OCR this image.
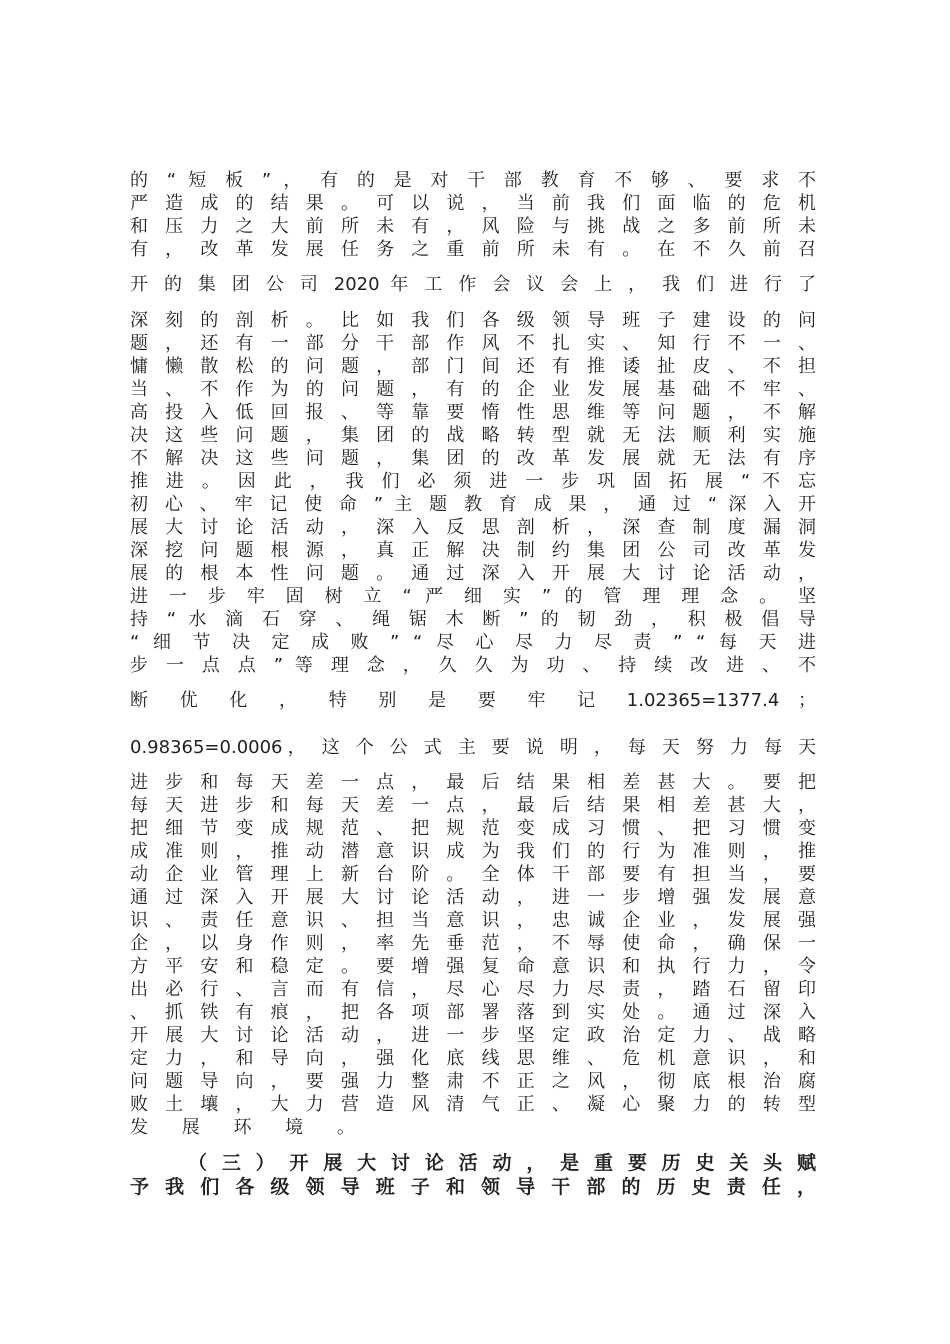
的 “ 短 板 ” ， 有 的 是 对 干 部 教 育 不 够 、 要 求 不
严 造 成 的 结 果 。 可 以 说 ， 当 前 我 们 面 临 的 危 机
和 压 力 之 大 前 所 未 有 ， 风 险 与 挑 战 之 多 前 所 未
有 ， 改 革 发 展 任 务 之 重 前 所 未 有 。 在 不 久 前 召
开 的 集 团 公 司 2020 年 工 作 会 议 会 上 ， 我 们 进 行 了
深 刻 的 剖 析 。 比 如 我 们 各 级 领 导 班 子 建 设 的 问
题 ， 还 有 一 部 分 干 部 作 风 不 扎 实 、 知 行 不 一 、
慵 懒 散 松 的 问 题 ， 部 门 间 还 有 推 诿 扯 皮 、 不 担
当 、 不 作 为 的 问 题 ， 有 的 企 业 发 展 基 础 不 牢 、
高 投 入 低 回 报 、 等 靠 要 惰 性 思 维 等 问 题 ， 不 解
决 这 些 问 题 ， 集 团 的 战 略 转 型 就 无 法 顺 利 实 施
不 解 决 这 些 问 题 ， 集 团 的 改 革 发 展 就 无 法 有 序
推 进 。 因 此 ， 我 们 必 须 进 一 步 巩 固 拓 展 “ 不 忘
初 心 、 牢 记 使 命 ” 主 题 教 育 成 果 ， 通 过 “ 深 入 开
展 大 讨 论 活 动 ， 深 入 反 思 剖 析 ， 深 查 制 度 漏 洞
深 挖 问 题 根 源 ， 真 正 解 决 制 约 集 团 公 司 改 革 发
展 的 根 本 性 问 题 。 通 过 深 入 开 展 大 讨 论 活 动 ，
进 一 步 牢 固 树 立 “ 严 细 实 ” 的 管 理 理 念 。 坚
持 “ 水 滴 石 穿 、 绳 锯 木 断 ” 的 韧 劲 ， 积 极 倡 导
“ 细 节 决 定 成 败 ” “ 尽 心 尽 力 尽 责 ” “ 每 天 进
步 一 点 点 ” 等 理 念 ， 久 久 为 功 、 持 续 改 进 、 不
断 优 化 ， 特 别 是 要 牢 记 1.02365=1377.4 ；
0.98365=0.0006， 这 个 公 式 主 要 说 明 ， 每 天 努 力 每 天
进 步 和 每 天 差 一 点 ， 最 后 结 果 相 差 甚 大 。 要 把
每 天 进 步 和 每 天 差 一 点 ， 最 后 结 果 相 差 甚 大 ，
把 细 节 变 成 规 范 、 把 规 范 变 成 习 惯 、 把 习 惯 变
成 准 则 ， 推 动 潜 意 识 成 为 我 们 的 行 为 准 则 ， 推
动 企 业 管 理 上 新 台 阶 。 全 体 干 部 要 有 担 当 ， 要
通 过 深 入 开 展 大 讨 论 活 动 ， 进 一 步 增 强 发 展 意
识 、 责 任 意 识 、 担 当 意 识 ， 忠 诚 企 业 ， 发 展 强
企 ， 以 身 作 则 ， 率 先 垂 范 ， 不 辱 使 命 ， 确 保 一
方 平 安 和 稳 定 。 要 增 强 复 命 意 识 和 执 行 力 ， 令
出 必 行 、 言 而 有 信 ， 尽 心 尽 力 尽 责 ， 踏 石 留 印
、 抓 铁 有 痕 ， 把 各 项 部 署 落 到 实 处 。 通 过 深 入
开 展 大 讨 论 活 动 ， 进 一 步 坚 定 政 治 定 力 、 战 略
定 力 ， 和 导 向 ， 强 化 底 线 思 维 、 危 机 意 识 ， 和
问 题 导 向 ， 要 强 力 整 肃 不 正 之 风 ， 彻 底 根 治 腐
败 土 壤 ， 大 力 营 造 风 清 气 正 、 凝 心 聚 力 的 转 型
发 展 环 境 。
（ 三 ） 开 展 大 讨 论 活 动 ， 是 重 要 历 史 关 头 赋
予 我 们 各 级 领 导 班 子 和 领 导 干 部 的 历 史 责 任 ，
